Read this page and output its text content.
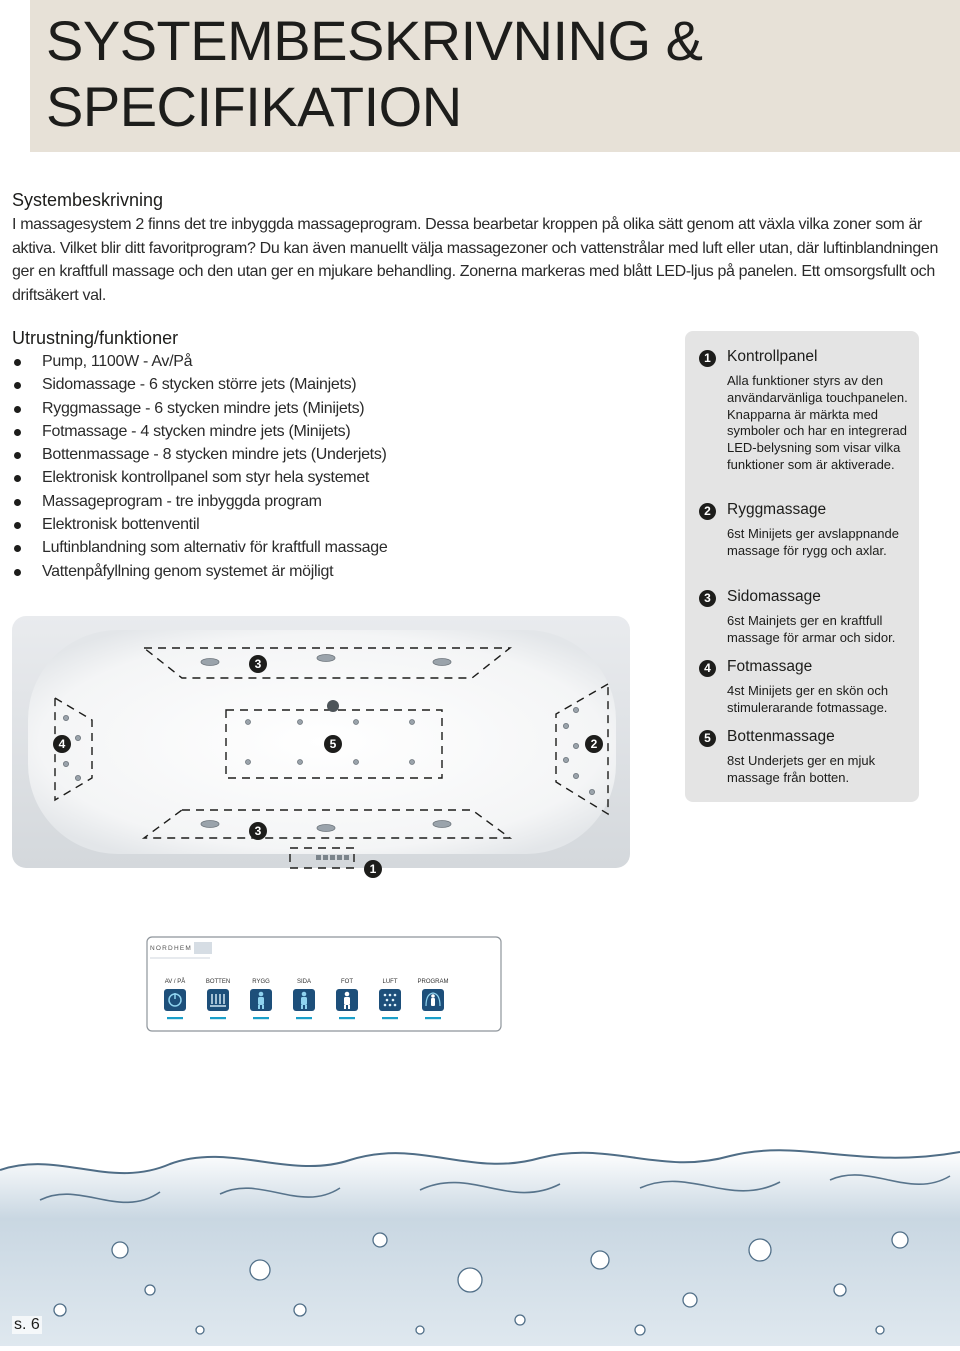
SYSTEMBESKRIVNING &
SPECIFIKATION
Systembeskrivning

I massagesystem 2 finns det tre inbyggda massageprogram. Dessa bearbetar kroppen på olika sätt genom att växla vilka zoner som är aktiva. Vilket blir ditt favoritprogram? Du kan även manuellt välja massagezoner och vattenstrålar med luft eller utan, där luftinblandningen ger en kraftfull massage och den utan ger en mjukare behandling. Zonerna markeras med blått LED-ljus på panelen. Ett omsorgsfullt och driftsäkert val.

Utrustning/funktioner
Pump, 1100W - Av/På
Sidomassage - 6 stycken större jets (Mainjets)
Ryggmassage - 6 stycken mindre jets (Minijets)
Fotmassage - 4 stycken mindre jets (Minijets)
Bottenmassage - 8 stycken mindre jets (Underjets)
Elektronisk kontrollpanel som styr hela systemet
Massageprogram - tre inbyggda program
Elektronisk bottenventil
Luftinblandning som alternativ för kraftfull massage
Vattenpåfyllning genom systemet är möjligt
1	Kontrollpanel

Alla funktioner styrs av den användarvänliga touchpanelen. Knapparna är märkta med symboler och har en integrerad LED-belysning som visar vilka funktioner som är aktiverade.

2	Ryggmassage

6st Minijets ger avslappnande massage för rygg och axlar.

3	Sidomassage

6st Mainjets ger en kraftfull massage för armar och sidor.

4	Fotmassage

4st Minijets ger en skön och stimulerarande fotmassage.

5	Bottenmassage

8st Underjets ger en mjuk massage från botten.

3
4	5	2
3
1
NORDHEM
AV / PÅ	BOTTEN	RYGG	SIDA	FOT	LUFT	PROGRAM
s. 6
